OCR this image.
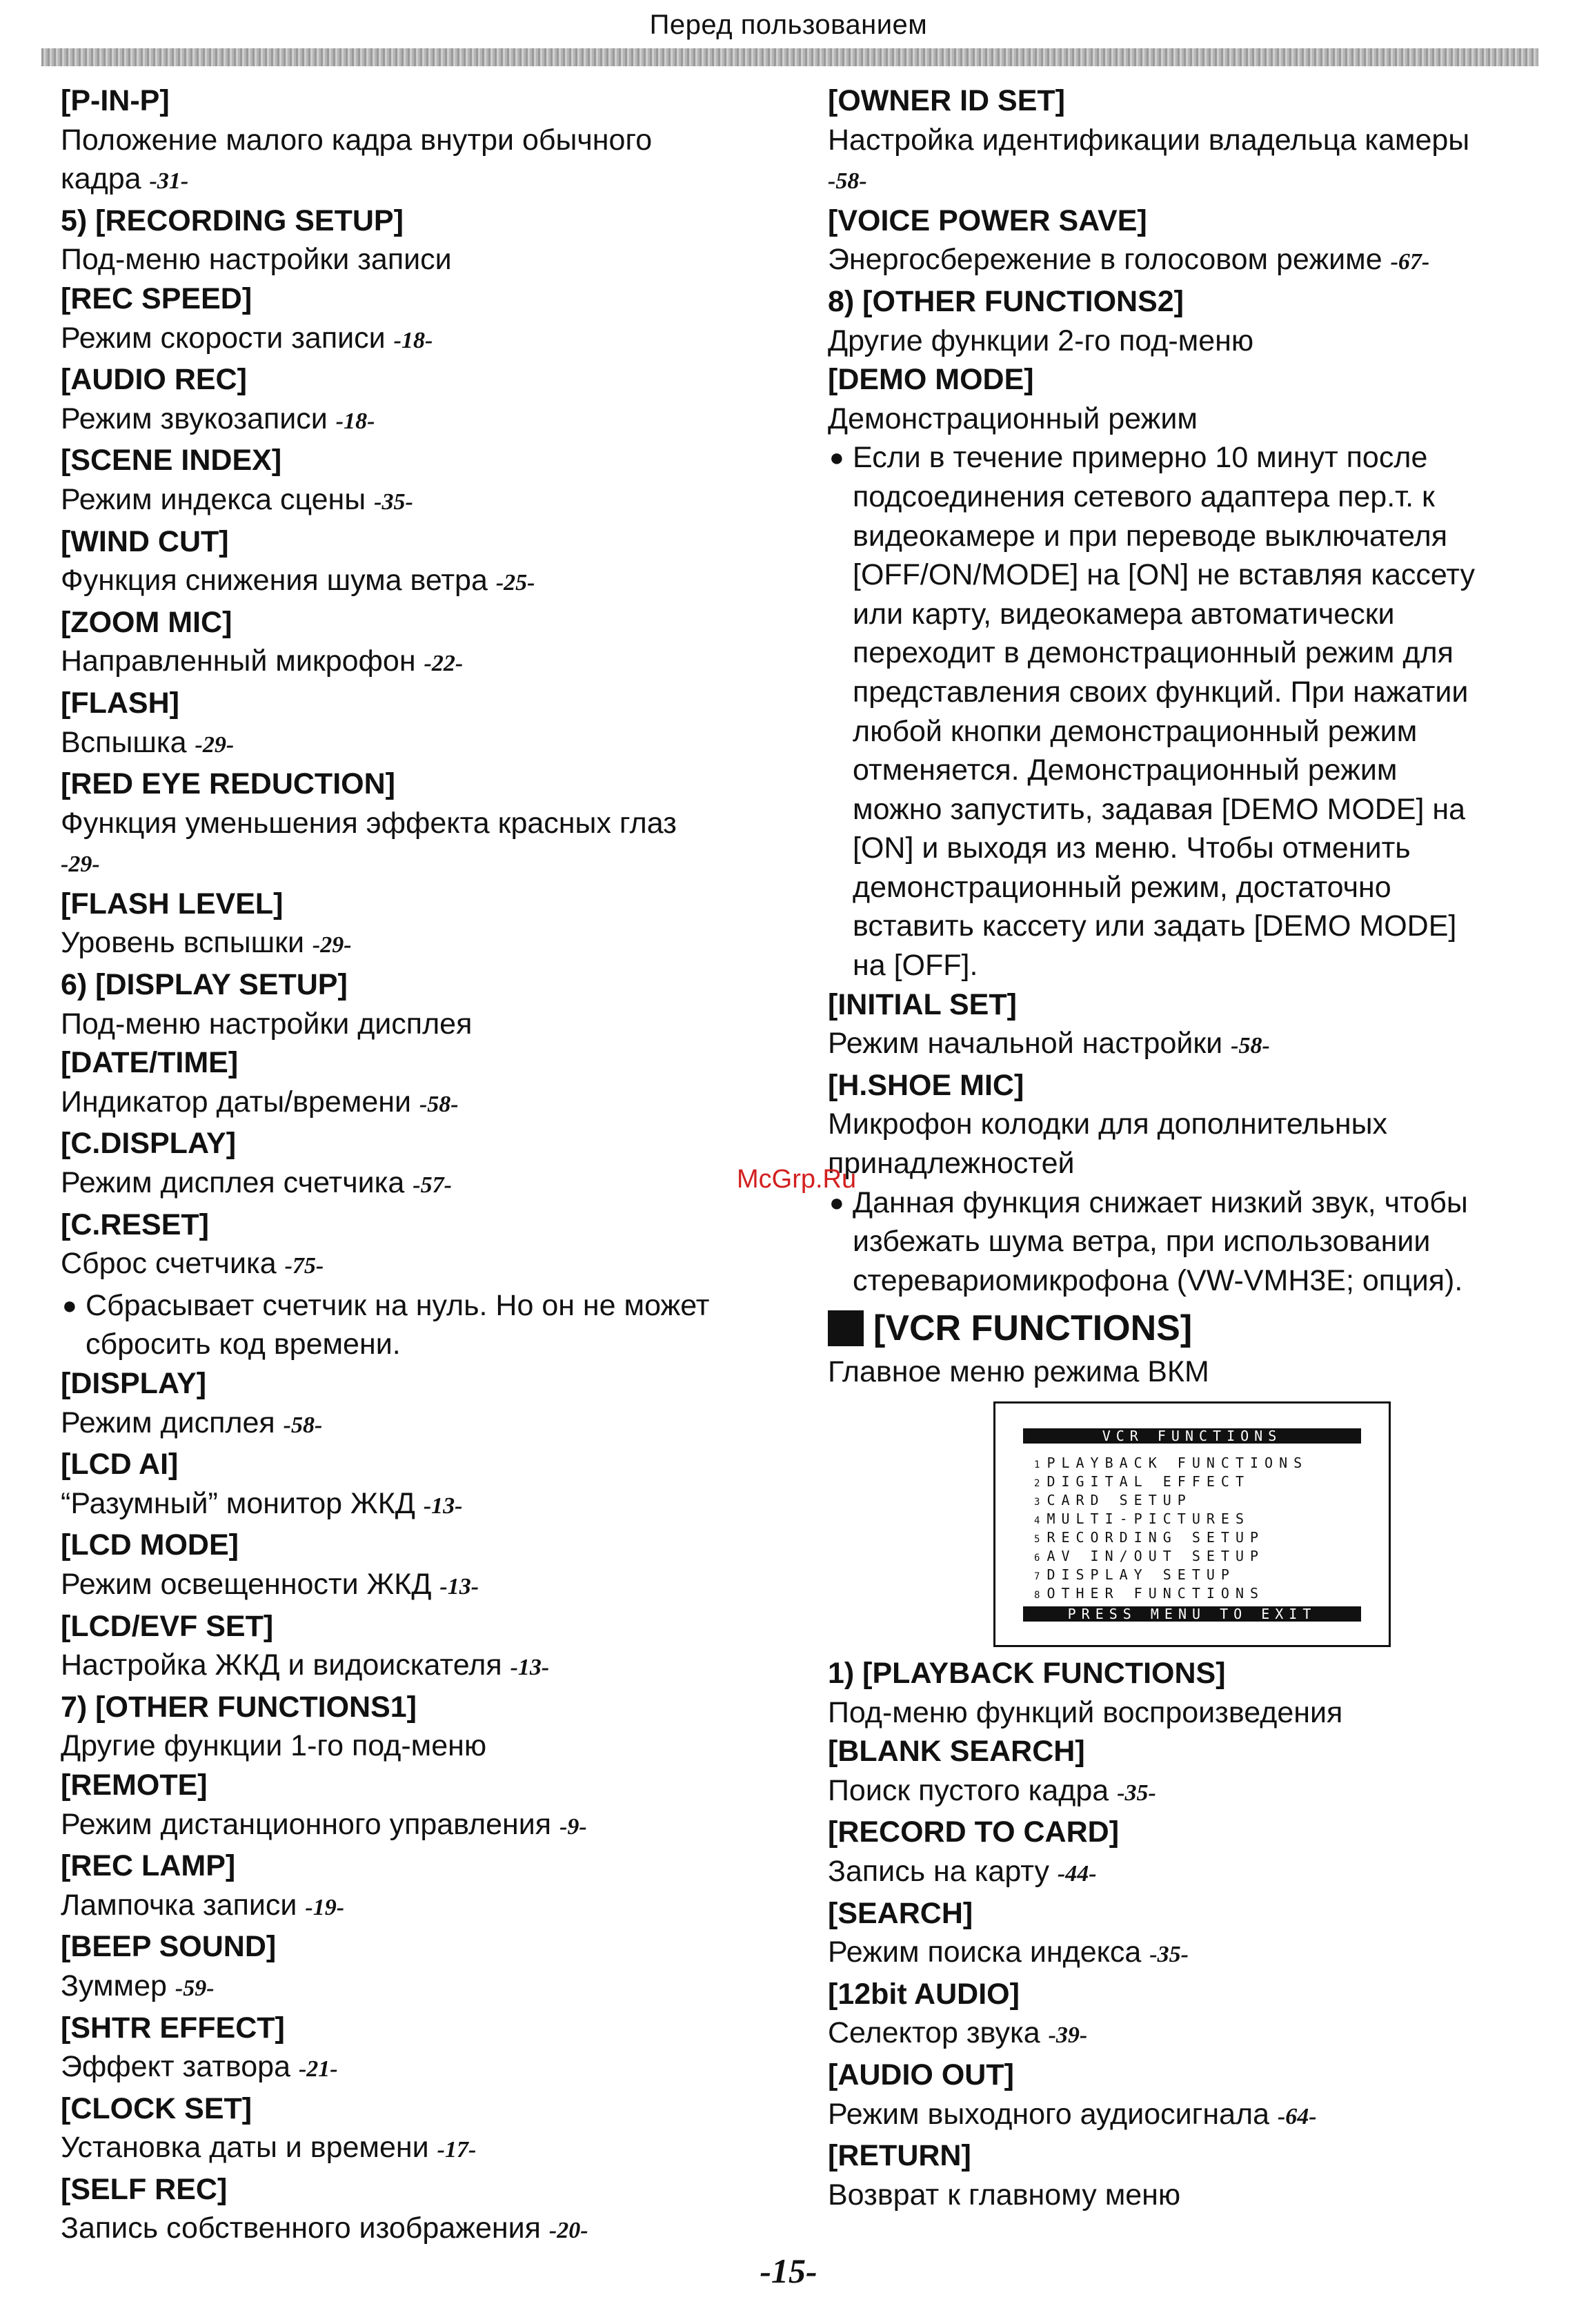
Перед пользованием
[P-IN-P]
Положение малого кадра внутри обычного
кадра -31-
5) [RECORDING SETUP]
Под-меню настройки записи
[REC SPEED]
Режим скорости записи -18-
[AUDIO REC]
Режим звукозаписи -18-
[SCENE INDEX]
Режим индекса сцены -35-
[WIND CUT]
Функция снижения шума ветра -25-
[ZOOM MIC]
Направленный микрофон -22-
[FLASH]
Вспышка -29-
[RED EYE REDUCTION]
Функция уменьшения эффекта красных глаз
-29-
[FLASH LEVEL]
Уровень вспышки -29-
6) [DISPLAY SETUP]
Под-меню настройки дисплея
[DATE/TIME]
Индикатор даты/времени -58-
[C.DISPLAY]
Режим дисплея счетчика -57-
[C.RESET]
Сброс счетчика -75-
● Сбрасывает счетчик на нуль. Но он не может
сбросить код времени.
[DISPLAY]
Режим дисплея -58-
[LCD AI]
“Разумный” монитор ЖКД -13-
[LCD MODE]
Режим освещенности ЖКД -13-
[LCD/EVF SET]
Настройка ЖКД и видоискателя -13-
7) [OTHER FUNCTIONS1]
Другие функции 1-го под-меню
[REMOTE]
Режим дистанционного управления -9-
[REC LAMP]
Лампочка записи -19-
[BEEP SOUND]
Зуммер -59-
[SHTR EFFECT]
Эффект затвора -21-
[CLOCK SET]
Установка даты и времени -17-
[SELF REC]
Запись собственного изображения -20-
[OWNER ID SET]
Настройка идентификации владельца камеры
-58-
[VOICE POWER SAVE]
Энергосбережение в голосовом режиме -67-
8) [OTHER FUNCTIONS2]
Другие функции 2-го под-меню
[DEMO MODE]
Демонстрационный режим
● Если в течение примерно 10 минут после
подсоединения сетевого адаптера пер.т. к
видеокамере и при переводе выключателя
[OFF/ON/MODE] на [ON] не вставляя кассету
или карту, видеокамера автоматически
переходит в демонстрационный режим для
представления своих функций. При нажатии
любой кнопки демонстрационный режим
отменяется. Демонстрационный режим
можно запустить, задавая [DEMO MODE] на
[ON] и выходя из меню. Чтобы отменить
демонстрационный режим, достаточно
вставить кассету или задать [DEMO MODE]
на [OFF].
[INITIAL SET]
Режим начальной настройки -58-
[H.SHOE MIC]
Микрофон колодки для дополнительных
принадлежностей
● Данная функция снижает низкий звук, чтобы
избежать шума ветра, при использовании
стеревариомикрофона (VW-VMH3E; опция).
[VCR FUNCTIONS]
Главное меню режима ВКМ
VCR FUNCTIONS
1 PLAYBACK FUNCTIONS
2 DIGITAL EFFECT
3 CARD SETUP
4 MULTI-PICTURES
5 RECORDING SETUP
6 AV IN/OUT SETUP
7 DISPLAY SETUP
8 OTHER FUNCTIONS
PRESS MENU TO EXIT
1) [PLAYBACK FUNCTIONS]
Под-меню функций воспроизведения
[BLANK SEARCH]
Поиск пустого кадра -35-
[RECORD TO CARD]
Запись на карту -44-
[SEARCH]
Режим поиска индекса -35-
[12bit AUDIO]
Селектор звука -39-
[AUDIO OUT]
Режим выходного аудиосигнала -64-
[RETURN]
Возврат к главному меню
McGrp.Ru
-15-
